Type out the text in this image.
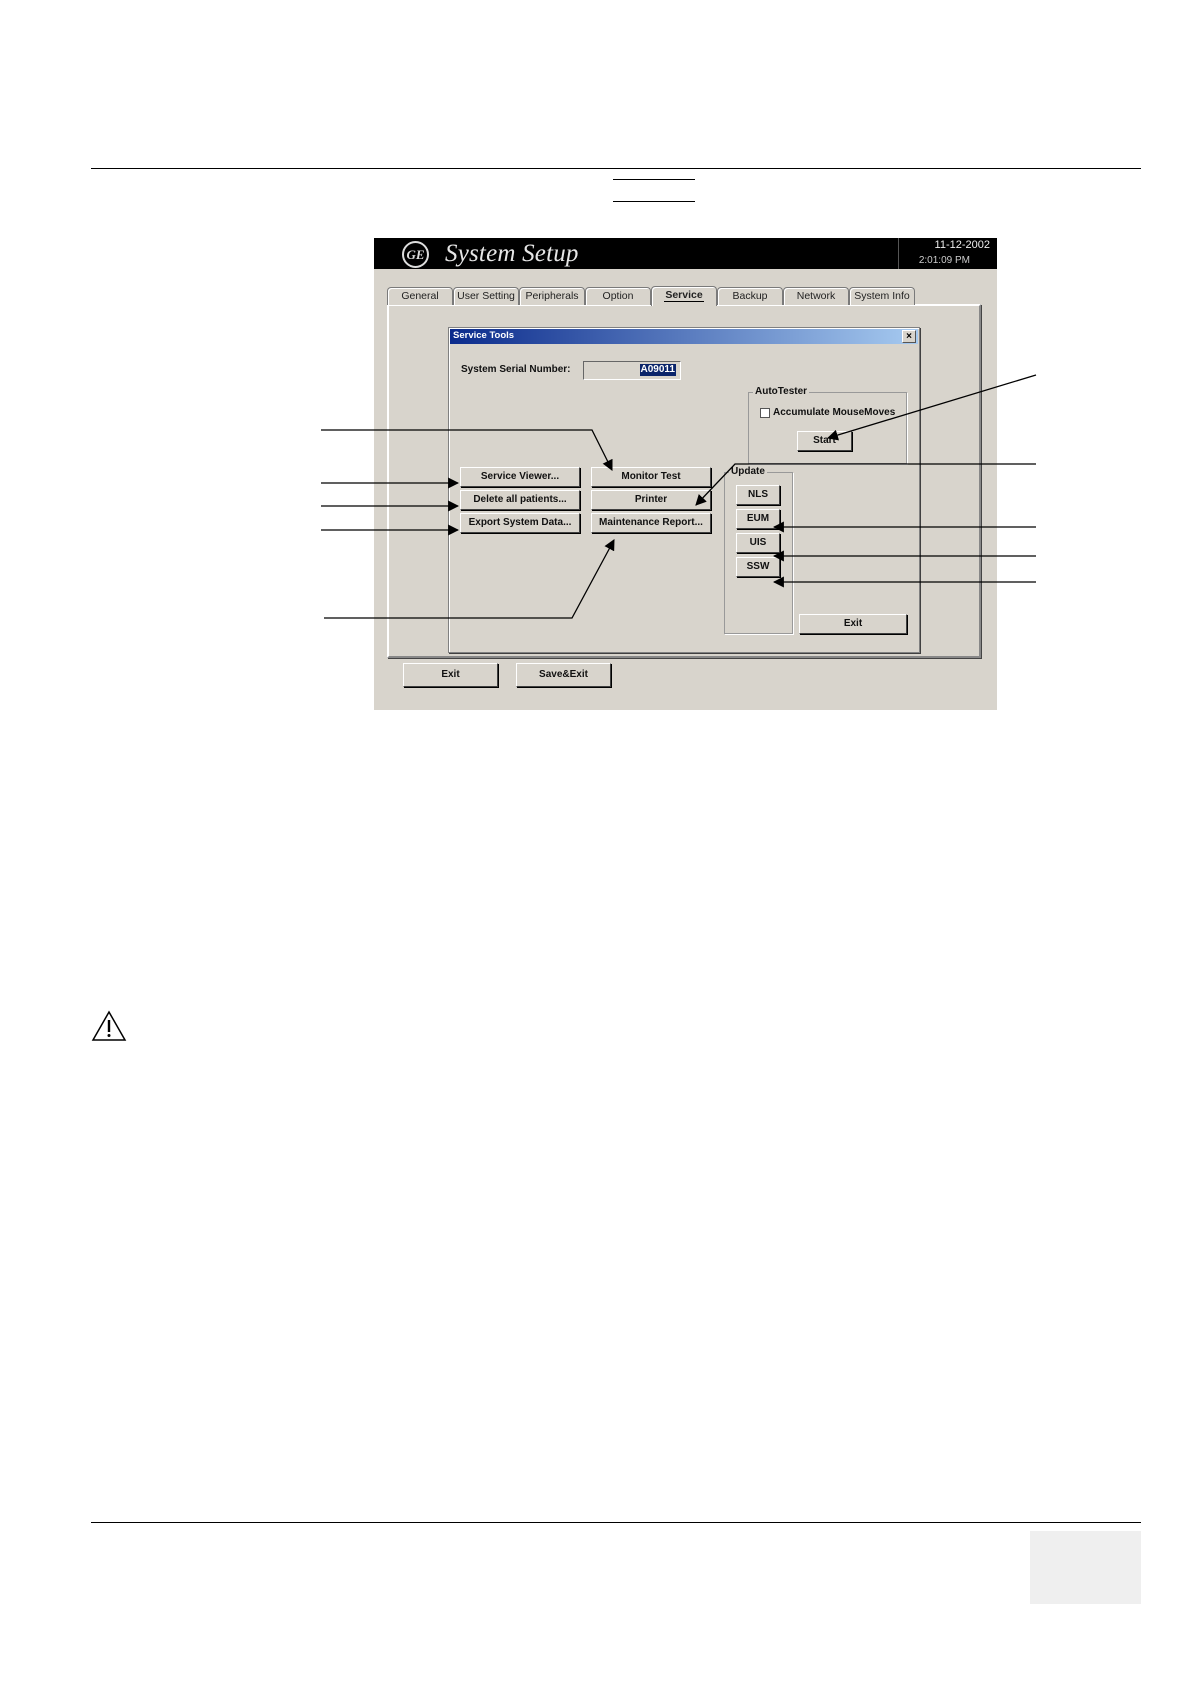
GE System Setup	11-12-2002
2:01:09 PM
General	User Setting	Peripherals	Option	Service	Backup	Network	System Info
Service Tools	×
System Serial Number:	A09011
AutoTester
Accumulate MouseMoves
Start
Service Viewer...
Delete all patients...
Export System Data...
Monitor Test
Printer
Maintenance Report...
Update
NLS
EUM
UIS
SSW
Exit
Exit	Save&Exit
